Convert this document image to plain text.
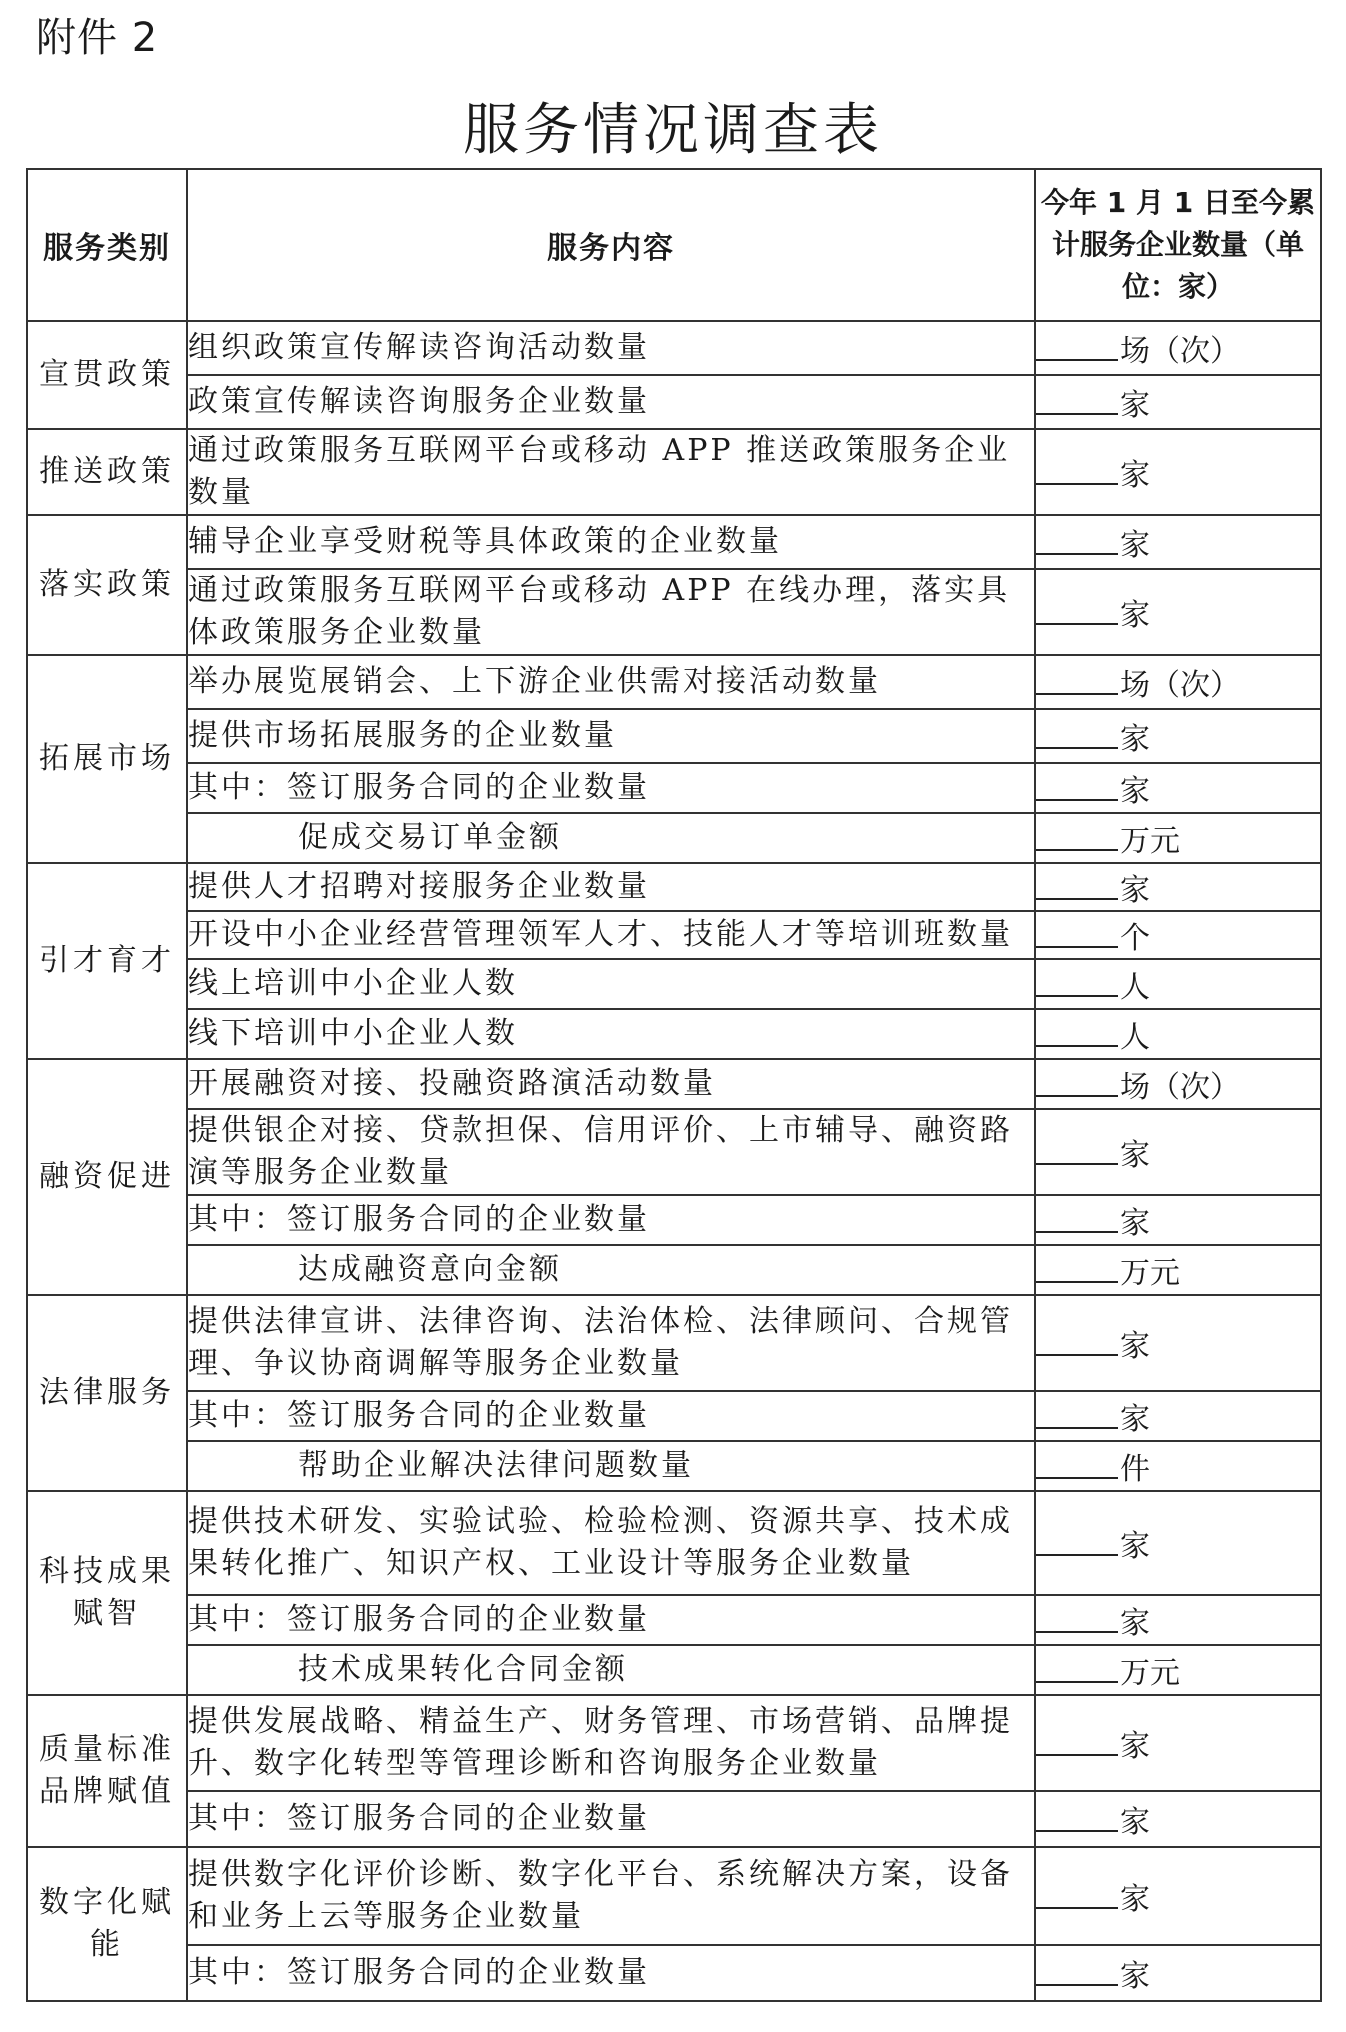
附件 2
服务情况调查表
服务类别	服务内容	今年 1 月 1 日至今累计服务企业数量（单位：家）
宣贯政策	组织政策宣传解读咨询活动数量	场（次）
	政策宣传解读咨询服务企业数量	家
推送政策	通过政策服务互联网平台或移动 APP 推送政策服务企业数量	家
落实政策	辅导企业享受财税等具体政策的企业数量	家
	通过政策服务互联网平台或移动 APP 在线办理，落实具体政策服务企业数量	家
拓展市场	举办展览展销会、上下游企业供需对接活动数量	场（次）
	提供市场拓展服务的企业数量	家
	其中：签订服务合同的企业数量	家
	促成交易订单金额	万元
引才育才	提供人才招聘对接服务企业数量	家
	开设中小企业经营管理领军人才、技能人才等培训班数量	个
	线上培训中小企业人数	人
	线下培训中小企业人数	人
融资促进	开展融资对接、投融资路演活动数量	场（次）
	提供银企对接、贷款担保、信用评价、上市辅导、融资路演等服务企业数量	家
	其中：签订服务合同的企业数量	家
	达成融资意向金额	万元
法律服务	提供法律宣讲、法律咨询、法治体检、法律顾问、合规管理、争议协商调解等服务企业数量	家
	其中：签订服务合同的企业数量	家
	帮助企业解决法律问题数量	件
科技成果赋智	提供技术研发、实验试验、检验检测、资源共享、技术成果转化推广、知识产权、工业设计等服务企业数量	家
	其中：签订服务合同的企业数量	家
	技术成果转化合同金额	万元
质量标准品牌赋值	提供发展战略、精益生产、财务管理、市场营销、品牌提升、数字化转型等管理诊断和咨询服务企业数量	家
	其中：签订服务合同的企业数量	家
数字化赋能	提供数字化评价诊断、数字化平台、系统解决方案，设备和业务上云等服务企业数量	家
	其中：签订服务合同的企业数量	家
